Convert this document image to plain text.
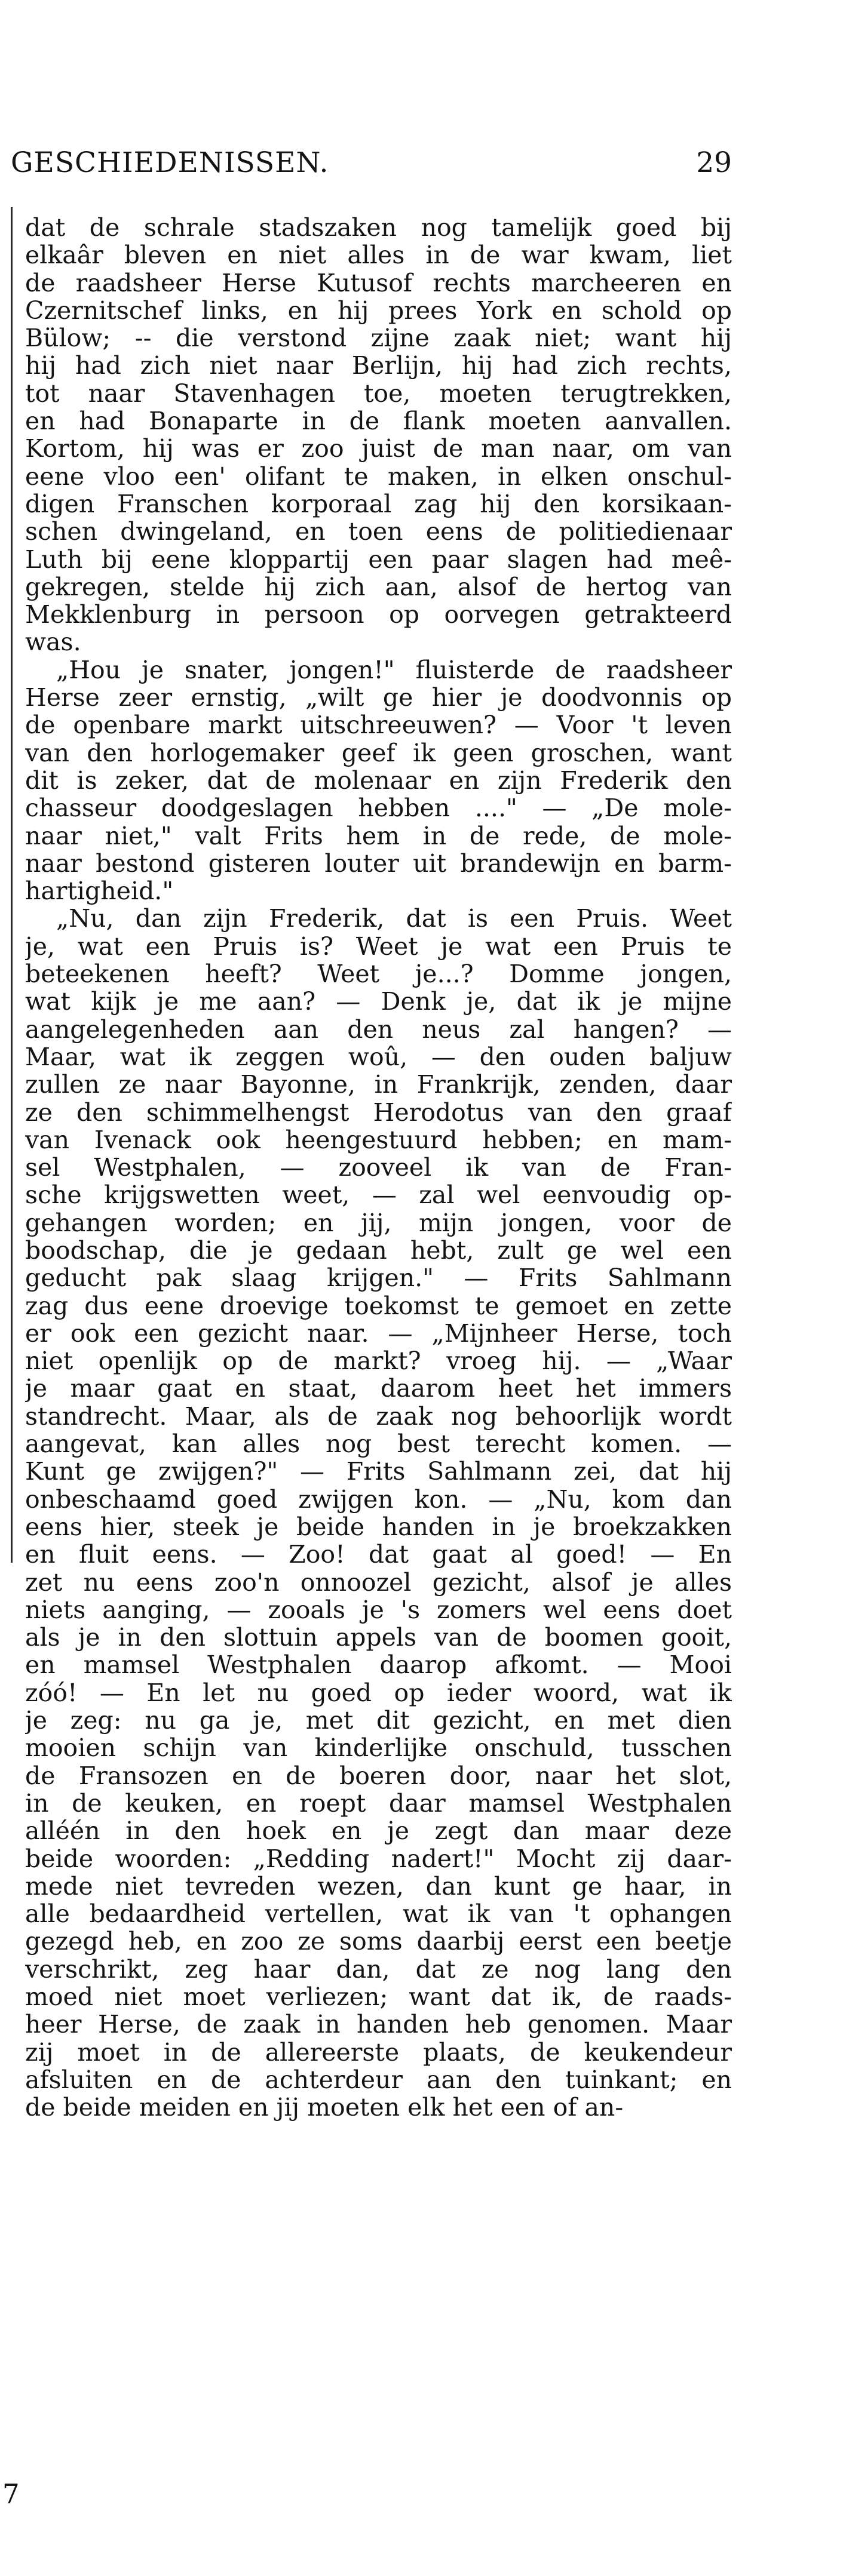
GESCHIEDENISSEN.	29
dat de schrale stadszaken nog tamelijk goed bij
elkaâr bleven en niet alles in de war kwam, liet
de raadsheer Herse Kutusof rechts marcheeren en
Czernitschef links, en hij prees York en schold op
Bülow; -- die verstond zijne zaak niet; want hij
hij had zich niet naar Berlijn, hij had zich rechts,
tot naar Stavenhagen toe, moeten terugtrekken,
en had Bonaparte in de flank moeten aanvallen.
Kortom, hij was er zoo juist de man naar, om van
eene vloo een' olifant te maken, in elken onschul-
digen Franschen korporaal zag hij den korsikaan-
schen dwingeland, en toen eens de politiedienaar
Luth bij eene kloppartij een paar slagen had meê-
gekregen, stelde hij zich aan, alsof de hertog van
Mekklenburg in persoon op oorvegen getrakteerd
was.
„Hou je snater, jongen!" fluisterde de raadsheer
Herse zeer ernstig, „wilt ge hier je doodvonnis op
de openbare markt uitschreeuwen? — Voor 't leven
van den horlogemaker geef ik geen groschen, want
dit is zeker, dat de molenaar en zijn Frederik den
chasseur doodgeslagen hebben ...." — „De mole-
naar niet," valt Frits hem in de rede, de mole-
naar bestond gisteren louter uit brandewijn en barm-
hartigheid."
„Nu, dan zijn Frederik, dat is een Pruis. Weet
je, wat een Pruis is? Weet je wat een Pruis te
beteekenen heeft? Weet je...? Domme jongen,
wat kijk je me aan? — Denk je, dat ik je mijne
aangelegenheden aan den neus zal hangen? —
Maar, wat ik zeggen woû, — den ouden baljuw
zullen ze naar Bayonne, in Frankrijk, zenden, daar
ze den schimmelhengst Herodotus van den graaf
van Ivenack ook heengestuurd hebben; en mam-
sel Westphalen, — zooveel ik van de Fran-
sche krijgswetten weet, — zal wel eenvoudig op-
gehangen worden; en jij, mijn jongen, voor de
boodschap, die je gedaan hebt, zult ge wel een
geducht pak slaag krijgen." — Frits Sahlmann
zag dus eene droevige toekomst te gemoet en zette
er ook een gezicht naar. — „Mijnheer Herse, toch
niet openlijk op de markt? vroeg hij. — „Waar
je maar gaat en staat, daarom heet het immers
standrecht. Maar, als de zaak nog behoorlijk wordt
aangevat, kan alles nog best terecht komen. —
Kunt ge zwijgen?" — Frits Sahlmann zei, dat hij
onbeschaamd goed zwijgen kon. — „Nu, kom dan
eens hier, steek je beide handen in je broekzakken
en fluit eens. — Zoo! dat gaat al goed! — En
zet nu eens zoo'n onnoozel gezicht, alsof je alles
niets aanging, — zooals je 's zomers wel eens doet
als je in den slottuin appels van de boomen gooit,
en mamsel Westphalen daarop afkomt. — Mooi
zóó! — En let nu goed op ieder woord, wat ik
je zeg: nu ga je, met dit gezicht, en met dien
mooien schijn van kinderlijke onschuld, tusschen
de Fransozen en de boeren door, naar het slot,
in de keuken, en roept daar mamsel Westphalen
alléén in den hoek en je zegt dan maar deze
beide woorden: „Redding nadert!" Mocht zij daar-
mede niet tevreden wezen, dan kunt ge haar, in
alle bedaardheid vertellen, wat ik van 't ophangen
gezegd heb, en zoo ze soms daarbij eerst een beetje
verschrikt, zeg haar dan, dat ze nog lang den
moed niet moet verliezen; want dat ik, de raads-
heer Herse, de zaak in handen heb genomen. Maar
zij moet in de allereerste plaats, de keukendeur
afsluiten en de achterdeur aan den tuinkant; en
de beide meiden en jij moeten elk het een of an-
7
